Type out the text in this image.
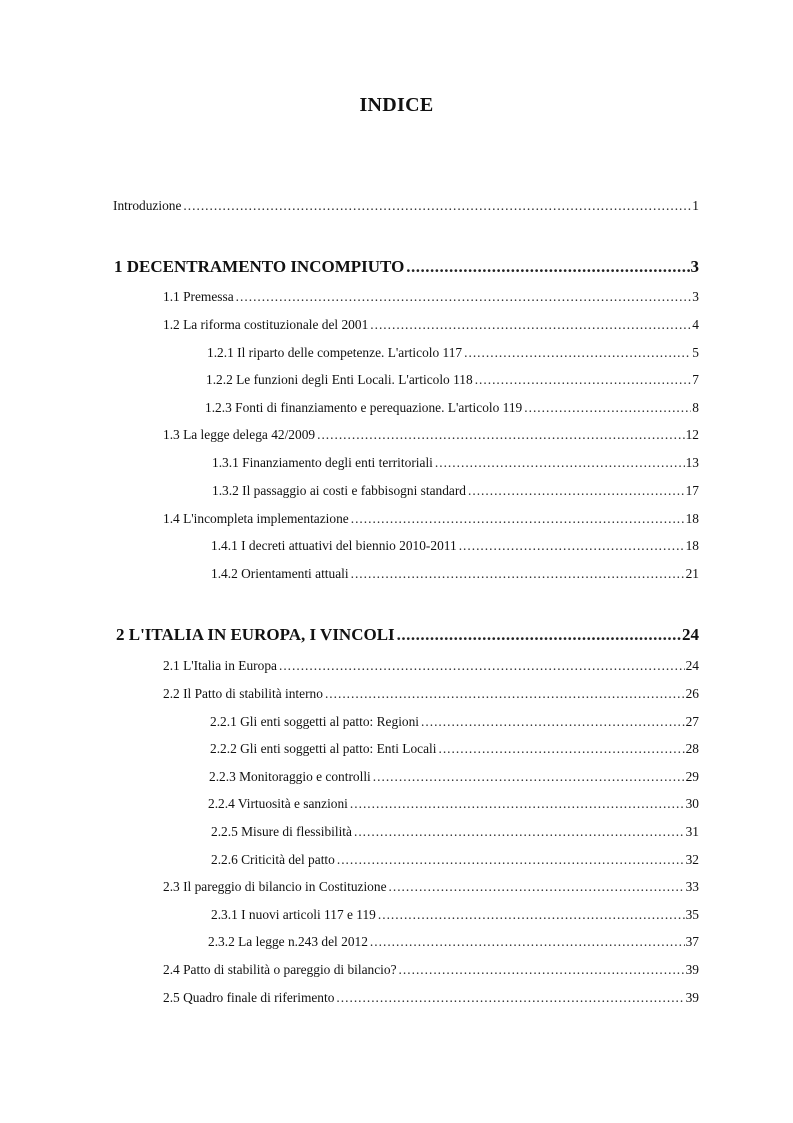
INDICE
Introduzione .....	1
1 DECENTRAMENTO INCOMPIUTO .....	3
1.1 Premessa .....	3
1.2 La riforma costituzionale del 2001 .....	4
1.2.1 Il riparto delle competenze. L'articolo 117 .....	5
1.2.2 Le funzioni degli Enti Locali. L'articolo 118 .....	7
1.2.3 Fonti di finanziamento e perequazione. L'articolo 119 .....	8
1.3 La legge delega 42/2009 .....	12
1.3.1 Finanziamento degli enti territoriali .....	13
1.3.2 Il passaggio ai costi e fabbisogni standard .....	17
1.4 L'incompleta implementazione .....	18
1.4.1 I decreti attuativi del biennio 2010-2011 .....	18
1.4.2 Orientamenti attuali .....	21
2 L'ITALIA IN EUROPA, I VINCOLI .....	24
2.1 L'Italia in Europa .....	24
2.2 Il Patto di stabilità interno .....	26
2.2.1 Gli enti soggetti al patto: Regioni .....	27
2.2.2 Gli enti soggetti al patto: Enti Locali .....	28
2.2.3 Monitoraggio e controlli .....	29
2.2.4 Virtuosità e sanzioni .....	30
2.2.5 Misure di flessibilità .....	31
2.2.6 Criticità del patto .....	32
2.3 Il pareggio di bilancio in Costituzione .....	33
2.3.1 I nuovi articoli 117 e 119 .....	35
2.3.2 La legge n.243 del 2012 .....	37
2.4 Patto di stabilità o pareggio di bilancio? .....	39
2.5 Quadro finale di riferimento .....	39
